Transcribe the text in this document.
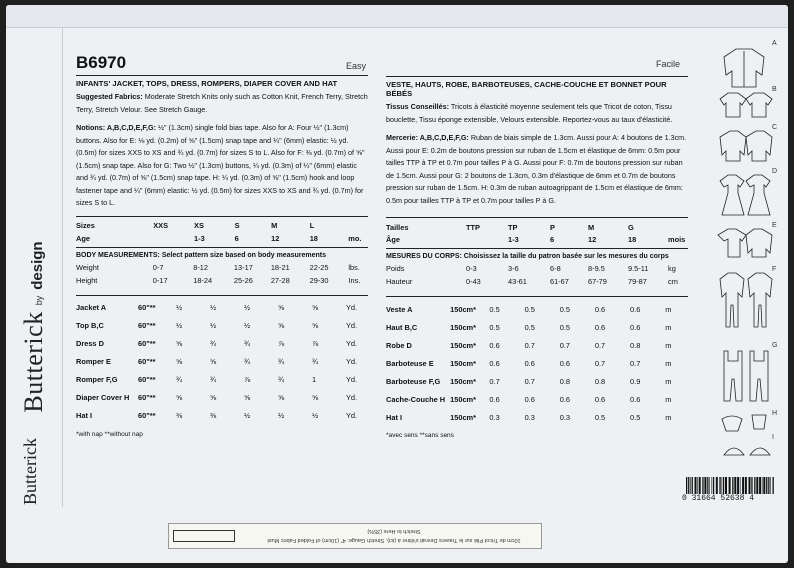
Butterick
by
design
Butterick
B6970	Easy
INFANTS' JACKET, TOPS, DRESS, ROMPERS, DIAPER COVER AND HAT
Suggested Fabrics: Moderate Stretch Knits only such as Cotton Knit, French Terry, Stretch Terry, Stretch Velour. See Stretch Gauge.
Notions: A,B,C,D,E,F,G: ½" (1.3cm) single fold bias tape. Also for A: Four ½" (1.3cm) buttons. Also for E: ⅛ yd. (0.2m) of ⅝" (1.5cm) snap tape and ¼" (6mm) elastic: ½ yd. (0.5m) for sizes XXS to XS and ¾ yd. (0.7m) for sizes S to L. Also for F: ⅜ yd. (0.7m) of ⅝" (1.5cm) snap tape. Also for G: Two ½" (1.3cm) buttons, ¼ yd. (0.3m) of ¼" (6mm) elastic and ¾ yd. (0.7m) of ⅝" (1.5cm) snap tape. H: ¼ yd. (0.3m) of ⅝" (1.5cm) hook and loop fastener tape and ¼" (6mm) elastic: ½ yd. (0.5m) for sizes XXS to XS and ¾ yd. (0.7m) for sizes S to L.
Sizes	XXS	XS	S	M	L	
Age		1-3	6	12	18	mo.
BODY MEASUREMENTS: Select pattern size based on body measurements
Weight	0-7	8-12	13-17	18-21	22-25	lbs.
Height	0-17	18-24	25-26	27-28	29-30	Ins.
Jacket A	60"**	½	½	½	⅝	⅝	Yd.
Top B,C	60"**	½	½	½	⅝	⅝	Yd.
Dress D	60"**	⅝	¾	¾	⅞	⅞	Yd.
Romper E	60"**	⅝	⅝	¾	¾	¾	Yd.
Romper F,G	60"**	¾	¾	⅞	¾	1	Yd.
Diaper Cover H	60"**	⅝	⅝	⅝	⅝	⅝	Yd.
Hat I	60"**	⅜	⅜	½	½	½	Yd.
*with nap **without nap
Facile
VESTE, HAUTS, ROBE, BARBOTEUSES, CACHE-COUCHE ET BONNET POUR BÉBÉS
Tissus Conseillés: Tricots à élasticité moyenne seulement tels que Tricot de coton, Tissu bouclette, Tissu éponge extensible, Velours extensible. Reportez-vous au taux d'élasticité.
Mercerie: A,B,C,D,E,F,G: Ruban de biais simple de 1.3cm. Aussi pour A: 4 boutons de 1.3cm. Aussi pour E: 0.2m de boutons pression sur ruban de 1.5cm et élastique de 6mm: 0.5m pour tailles TTP à TP et 0.7m pour tailles P à G. Aussi pour F: 0.7m de boutons pression sur ruban de 1.5cm. Aussi pour G: 2 boutons de 1.3cm, 0.3m d'élastique de 6mm et 0.7m de boutons pression sur ruban de 1.5cm. H: 0.3m de ruban autoagrippant de 1.5cm et élastique de 6mm: 0.5m pour tailles TTP à TP et 0.7m pour tailles P à G.
Tailles	TTP	TP	P	M	G	
Âge		1-3	6	12	18	mois
MESURES DU CORPS: Choisissez la taille du patron basée sur les mesures du corps
Poids	0-3	3-6	6-8	8-9.5	9.5-11	kg
Hauteur	0-43	43-61	61-67	67-79	79-87	cm
Veste A	150cm*	0.5	0.5	0.5	0.6	0.6	m
Haut B,C	150cm*	0.5	0.5	0.5	0.6	0.6	m
Robe D	150cm*	0.6	0.7	0.7	0.7	0.8	m
Barboteuse E	150cm*	0.6	0.6	0.6	0.7	0.7	m
Barboteuse F,G	150cm*	0.7	0.7	0.8	0.8	0.9	m
Cache-Couche H	150cm*	0.6	0.6	0.6	0.6	0.6	m
Hat I	150cm*	0.3	0.3	0.3	0.5	0.5	m
*avec sens **sans sens
A
B
C
D
E
F
G
H
I
0 31664 52638 4
10cm de Tricot Plié sur le Travers Devrait s'étirer à (ici). Stretch Gauge: 4" (10cm) of Folded Fabric Must Stretch to Here (35%)
